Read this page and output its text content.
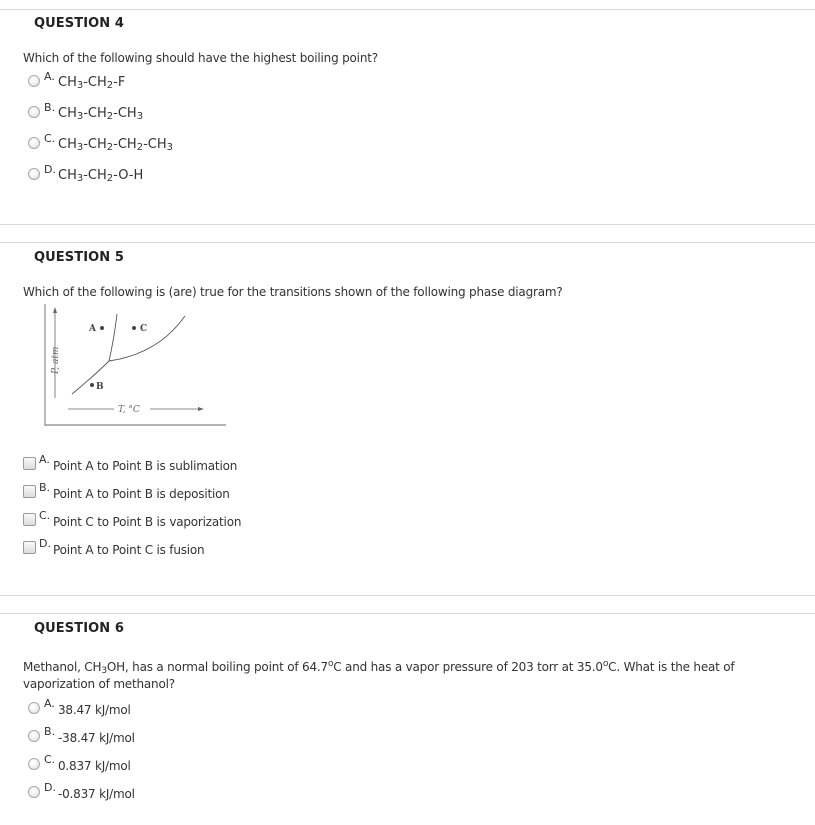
QUESTION 4
Which of the following should have the highest boiling point?
A. $CH_3-CH_2-F$
B. $CH_3-CH_2-CH_3$
C. $CH_3-CH_2-CH_2-CH_3$
D. $CH_3-CH_2-O-H$
QUESTION 5
Which of the following is (are) true for the transitions shown of the following phase diagram?
A	C
B
P, atm
T, °C
A. Point A to Point B is sublimation
B. Point A to Point B is deposition
C. Point C to Point B is vaporization
D. Point A to Point C is fusion
QUESTION 6
Methanol, $CH_3OH$, has a normal boiling point of 64.7$^o$C and has a vapor pressure of 203 torr at 35.0$^o$C. What is the heat of vaporization of methanol?
A. 38.47 kJ/mol
B. -38.47 kJ/mol
C. 0.837 kJ/mol
D. -0.837 kJ/mol
